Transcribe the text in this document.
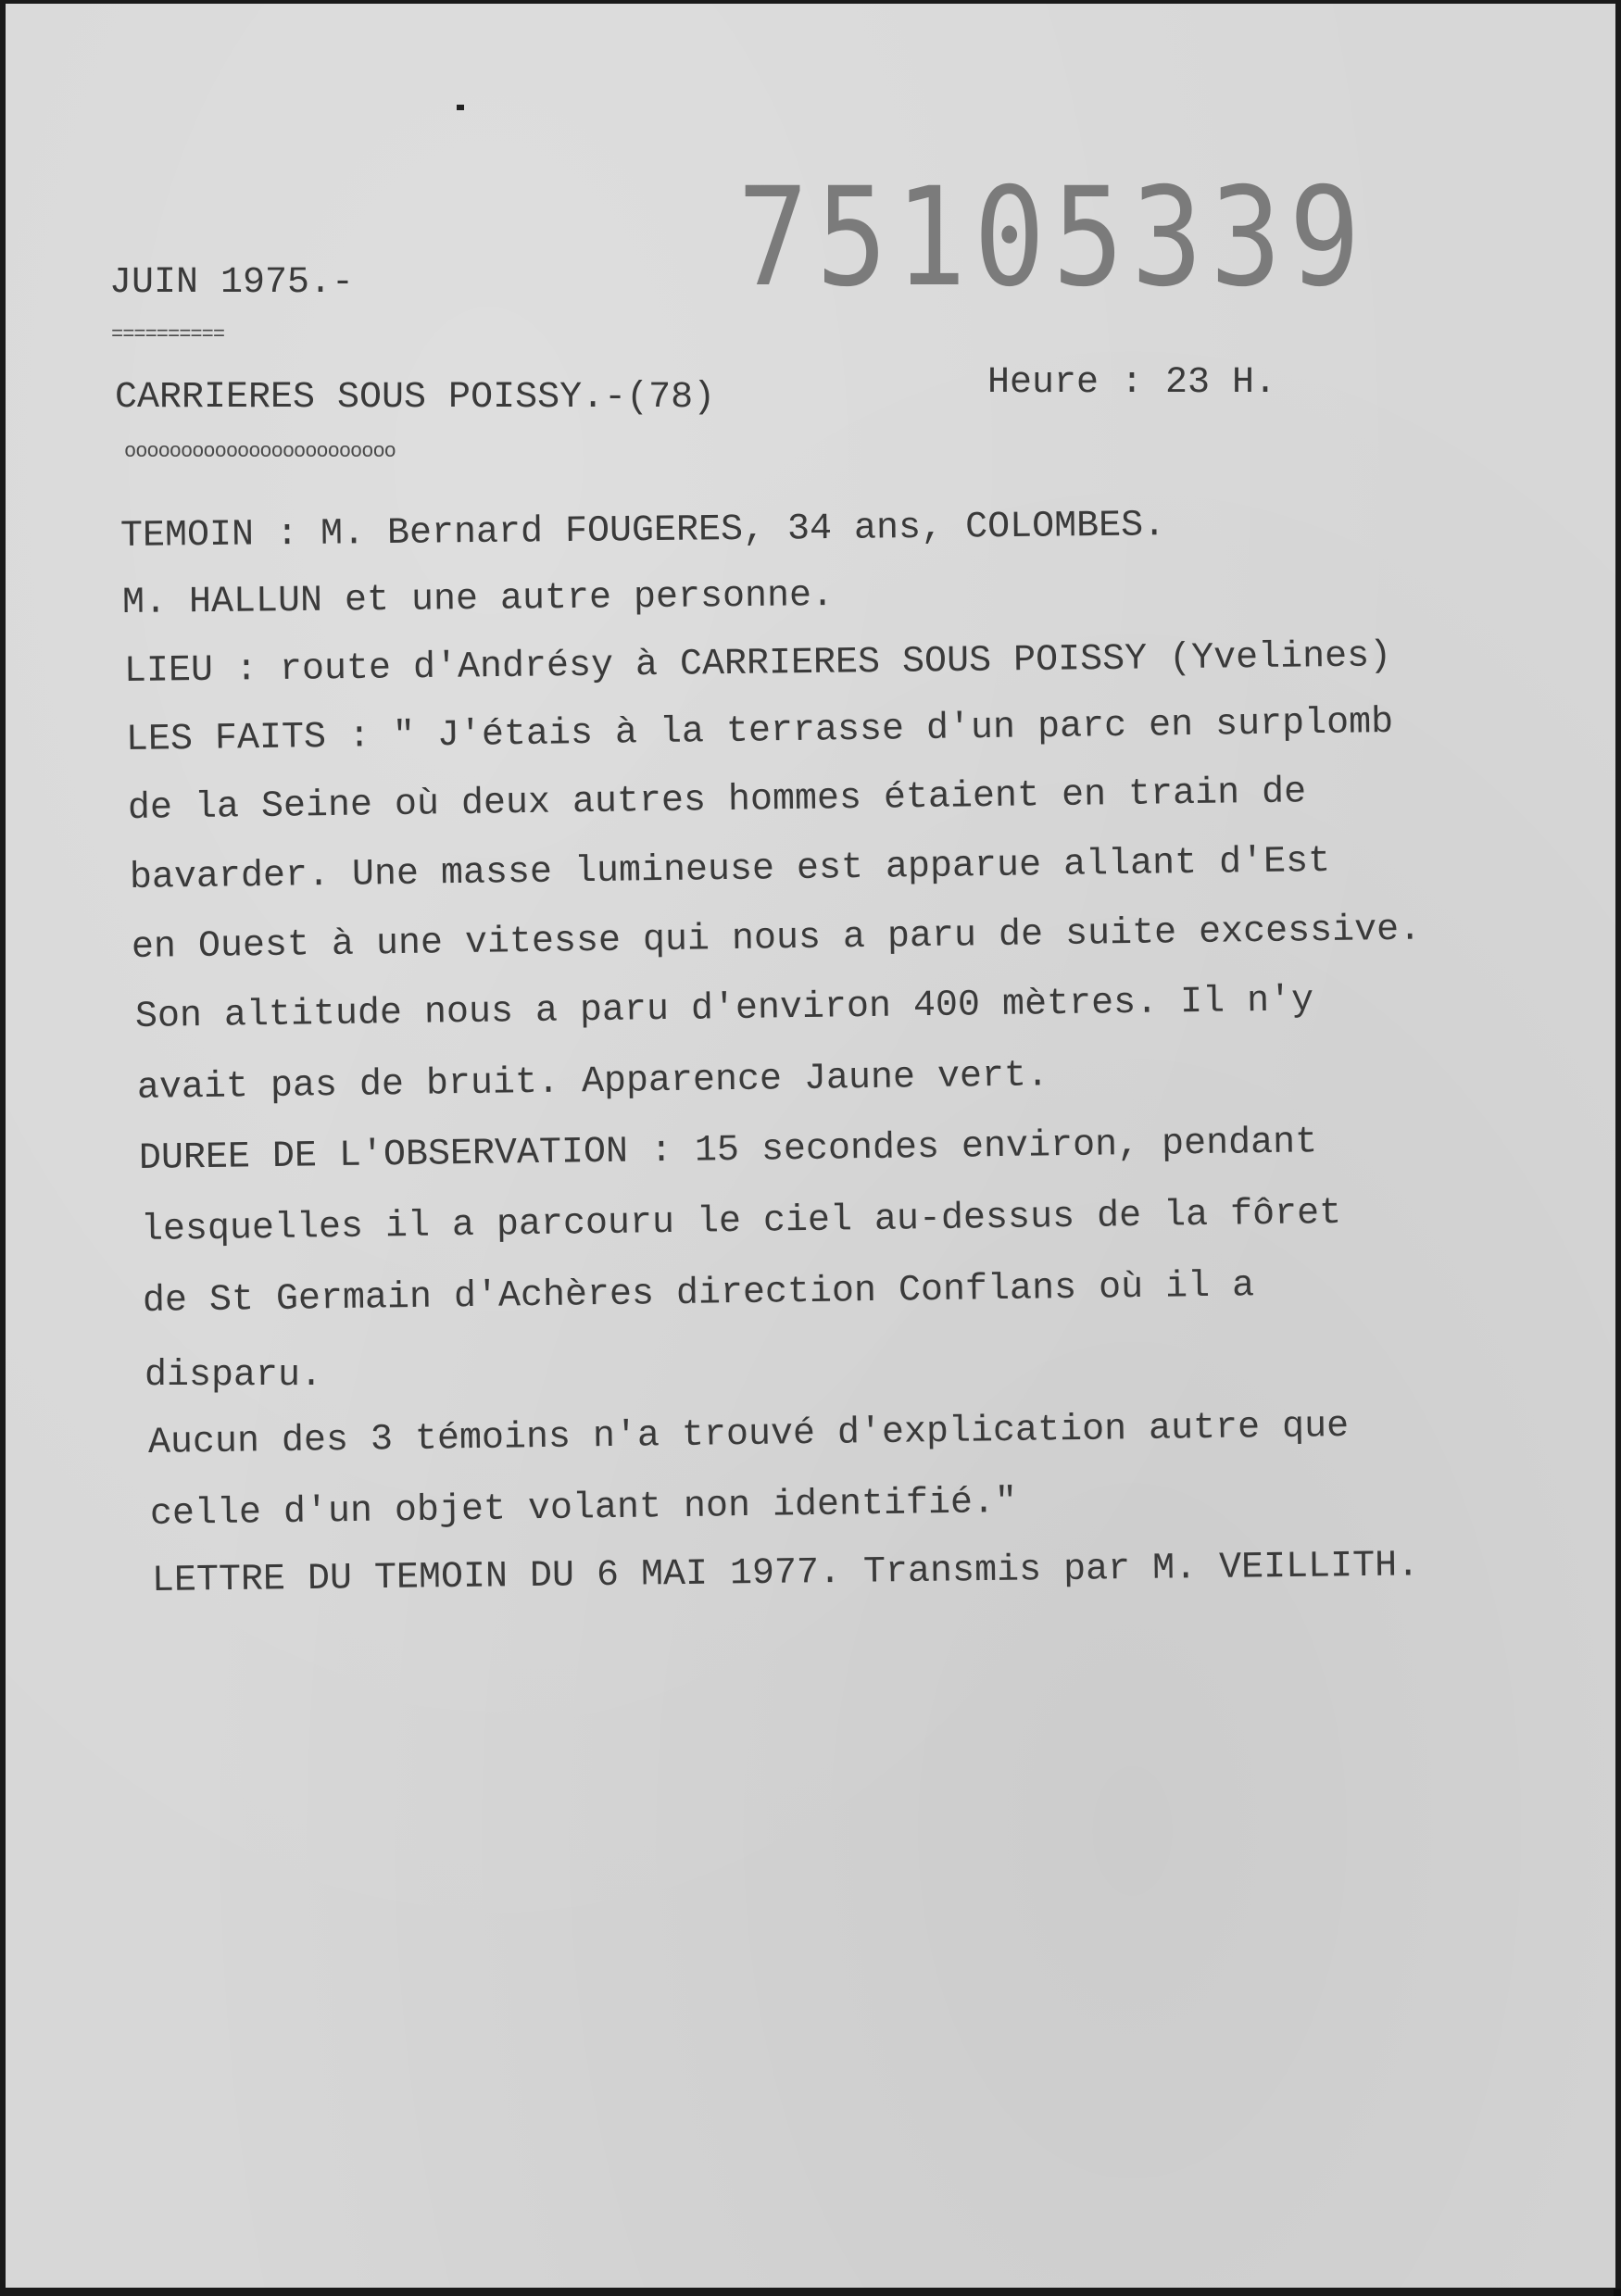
75105339
JUIN 1975.-
==========
CARRIERES SOUS POISSY.-(78)	Heure : 23 H.
oooooooooooooooooooooooo
TEMOIN : M. Bernard FOUGERES, 34 ans, COLOMBES.
M. HALLUN et une autre personne.
LIEU : route d'Andrésy à CARRIERES SOUS POISSY (Yvelines)
LES FAITS : " J'étais à la terrasse d'un parc en surplomb
de la Seine où deux autres hommes étaient en train de
bavarder. Une masse lumineuse est apparue allant d'Est
en Ouest à une vitesse qui nous a paru de suite excessive.
Son altitude nous a paru d'environ 400 mètres. Il n'y
avait pas de bruit. Apparence Jaune vert.
DUREE DE L'OBSERVATION : 15 secondes environ, pendant
lesquelles il a parcouru le ciel au-dessus de la fôret
de St Germain d'Achères direction Conflans où il a
disparu.
Aucun des 3 témoins n'a trouvé d'explication autre que
celle d'un objet volant non identifié."
LETTRE DU TEMOIN DU 6 MAI 1977. Transmis par M. VEILLITH.
